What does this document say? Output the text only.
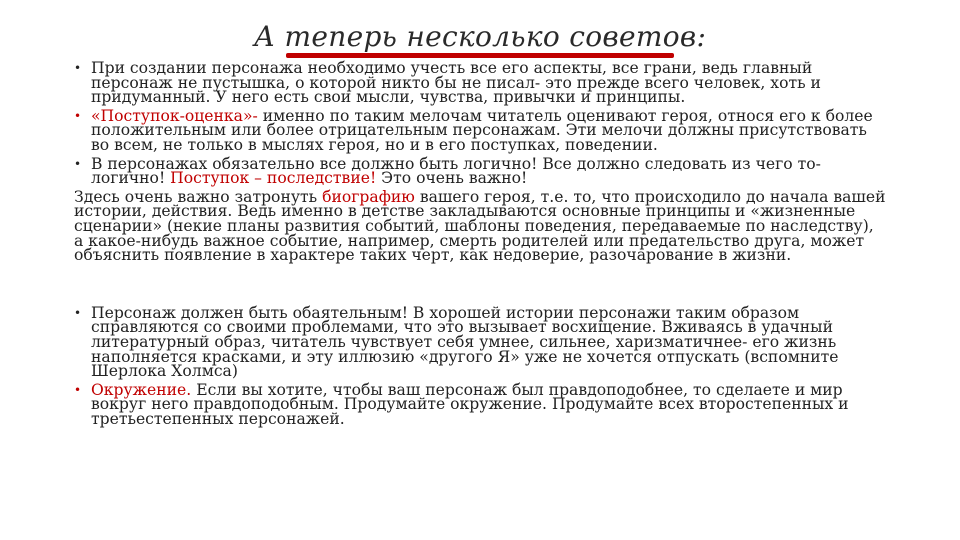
А теперь несколько советов:
• При создании персонажа необходимо учесть все его аспекты, все грани, ведь главный персонаж не пустышка, о которой никто бы не писал- это прежде всего человек, хоть и придуманный. У него есть свои мысли, чувства, привычки и принципы.
• «Поступок-оценка»- именно по таким мелочам читатель оценивают героя, относя его к более положительным или более отрицательным персонажам. Эти мелочи должны присутствовать во всем, не только в мыслях героя, но и в его поступках, поведении.
• В персонажах обязательно все должно быть логично! Все должно следовать из чего то-логично! Поступок – последствие! Это очень важно!
Здесь очень важно затронуть биографию вашего героя, т.е. то, что происходило до начала вашей истории, действия. Ведь именно в детстве закладываются основные принципы и «жизненные сценарии» (некие планы развития событий, шаблоны поведения, передаваемые по наследству), а какое-нибудь важное событие, например, смерть родителей или предательство друга, может объяснить появление в характере таких черт, как недоверие, разочарование в жизни.
• Персонаж должен быть обаятельным! В хорошей истории персонажи таким образом справляются со своими проблемами, что это вызывает восхищение. Вживаясь в удачный литературный образ, читатель чувствует себя умнее, сильнее, харизматичнее- его жизнь наполняется красками, и эту иллюзию «другого Я» уже не хочется отпускать (вспомните Шерлока Холмса)
• Окружение. Если вы хотите, чтобы ваш персонаж был правдоподобнее, то сделаете и мир вокруг него правдоподобным. Продумайте окружение. Продумайте всех второстепенных и третьестепенных персонажей.
